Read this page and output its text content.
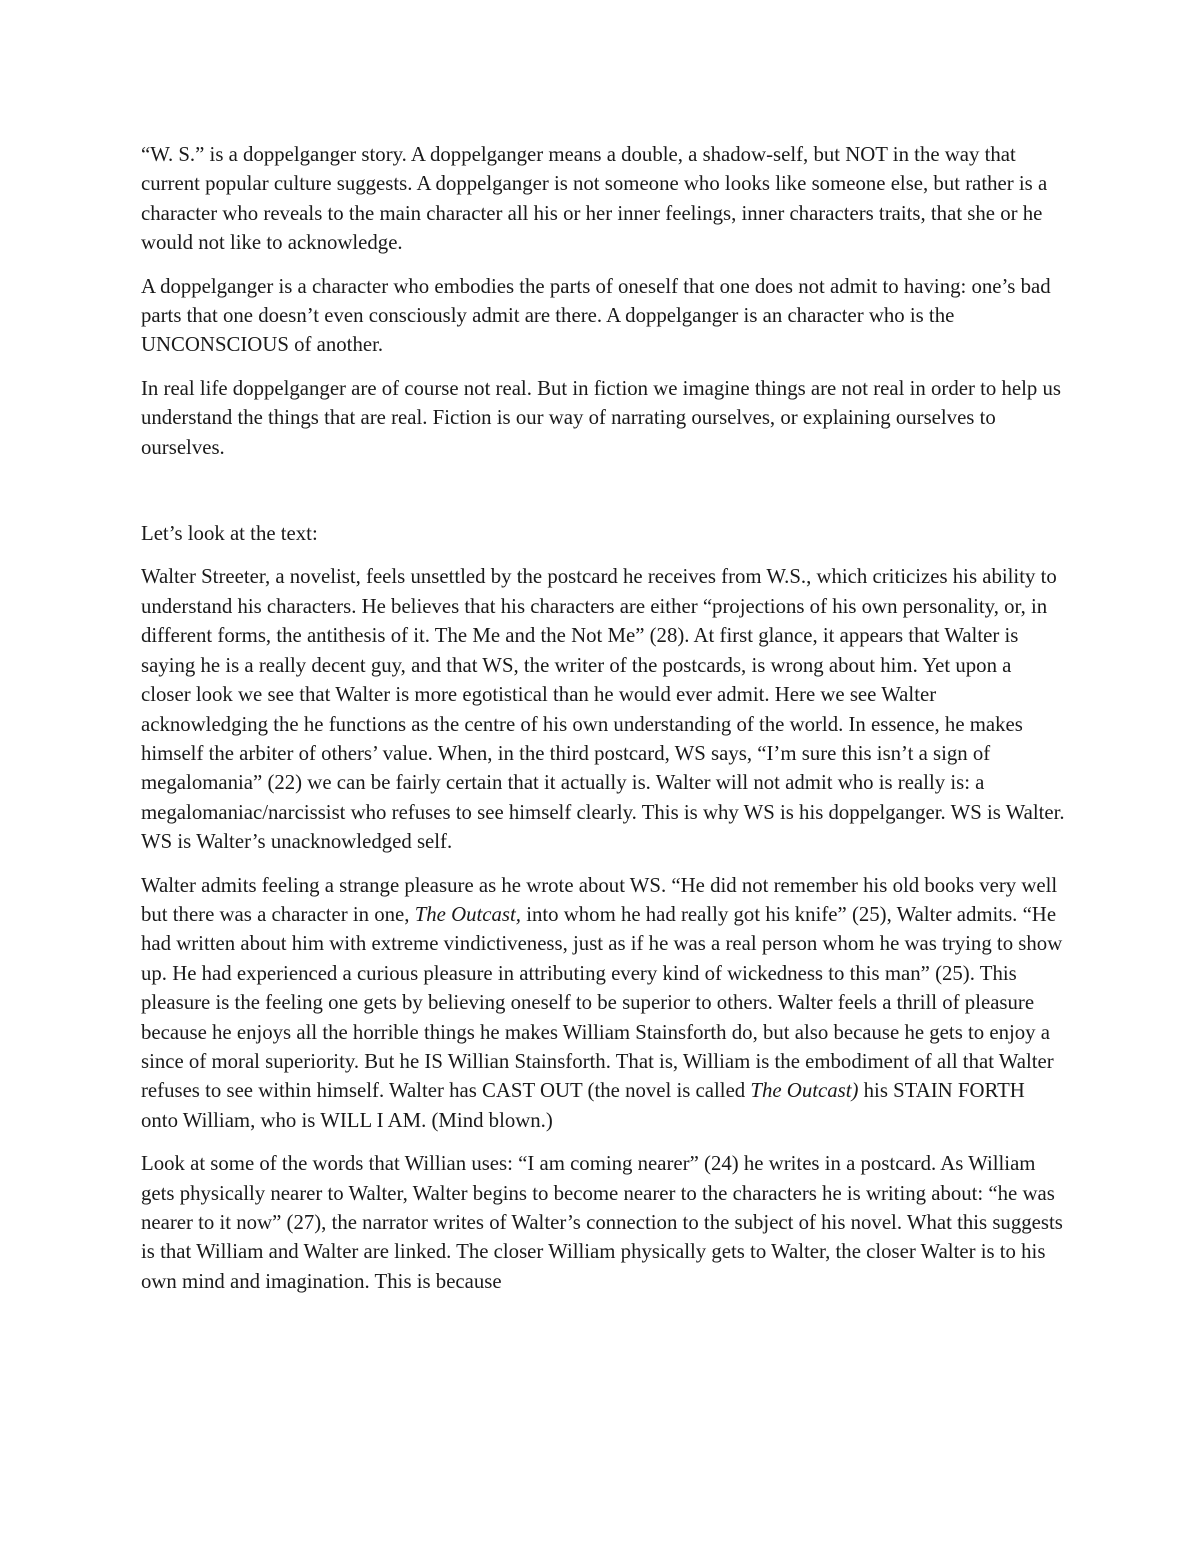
“W. S.” is a doppelganger story. A doppelganger means a double, a shadow-self, but NOT in the way that current popular culture suggests. A doppelganger is not someone who looks like someone else, but rather is a character who reveals to the main character all his or her inner feelings, inner characters traits, that she or he would not like to acknowledge.

A doppelganger is a character who embodies the parts of oneself that one does not admit to having: one’s bad parts that one doesn’t even consciously admit are there. A doppelganger is an character who is the UNCONSCIOUS of another.

In real life doppelganger are of course not real. But in fiction we imagine things are not real in order to help us understand the things that are real. Fiction is our way of narrating ourselves, or explaining ourselves to ourselves.

Let’s look at the text:

Walter Streeter, a novelist, feels unsettled by the postcard he receives from W.S., which criticizes his ability to understand his characters. He believes that his characters are either “projections of his own personality, or, in different forms, the antithesis of it. The Me and the Not Me” (28). At first glance, it appears that Walter is saying he is a really decent guy, and that WS, the writer of the postcards, is wrong about him. Yet upon a closer look we see that Walter is more egotistical than he would ever admit. Here we see Walter acknowledging the he functions as the centre of his own understanding of the world. In essence, he makes himself the arbiter of others’ value. When, in the third postcard, WS says, “I’m sure this isn’t a sign of megalomania” (22) we can be fairly certain that it actually is. Walter will not admit who is really is: a megalomaniac/narcissist who refuses to see himself clearly. This is why WS is his doppelganger. WS is Walter. WS is Walter’s unacknowledged self.

Walter admits feeling a strange pleasure as he wrote about WS. “He did not remember his old books very well but there was a character in one, The Outcast, into whom he had really got his knife” (25), Walter admits. “He had written about him with extreme vindictiveness, just as if he was a real person whom he was trying to show up. He had experienced a curious pleasure in attributing every kind of wickedness to this man” (25). This pleasure is the feeling one gets by believing oneself to be superior to others. Walter feels a thrill of pleasure because he enjoys all the horrible things he makes William Stainsforth do, but also because he gets to enjoy a since of moral superiority. But he IS Willian Stainsforth. That is, William is the embodiment of all that Walter refuses to see within himself. Walter has CAST OUT (the novel is called The Outcast) his STAIN FORTH onto William, who is WILL I AM. (Mind blown.)

Look at some of the words that Willian uses: “I am coming nearer” (24) he writes in a postcard. As William gets physically nearer to Walter, Walter begins to become nearer to the characters he is writing about: “he was nearer to it now” (27), the narrator writes of Walter’s connection to the subject of his novel. What this suggests is that William and Walter are linked. The closer William physically gets to Walter, the closer Walter is to his own mind and imagination. This is because
